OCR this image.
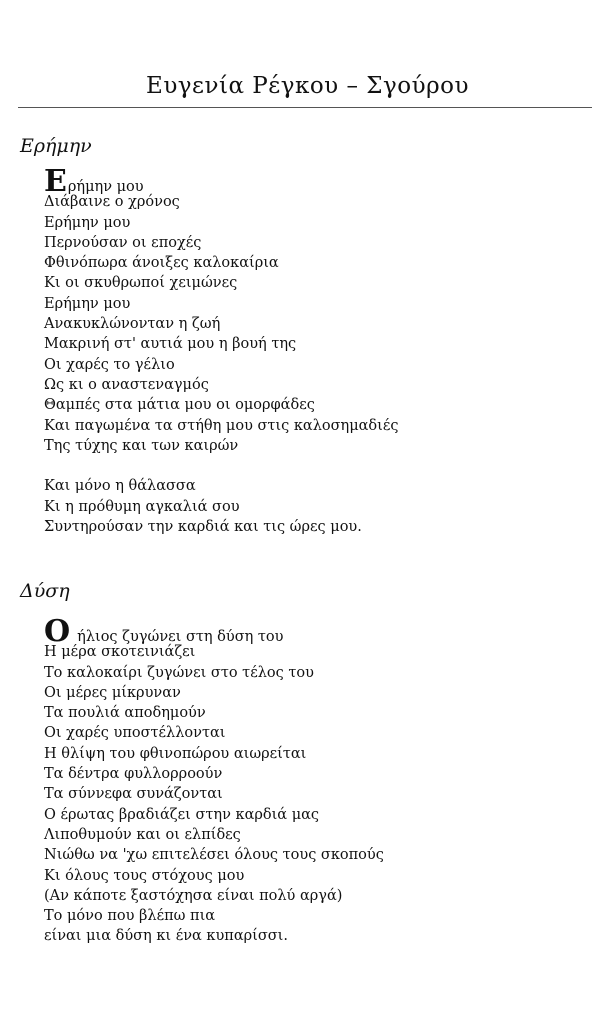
Ευγενία Ρέγκου – Σγούρου
Ερήμην
Ερήμην μου
Διάβαινε ο χρόνος
Ερήμην μου
Περνούσαν οι εποχές
Φθινόπωρα άνοιξες καλοκαίρια
Κι οι σκυθρωποί χειμώνες
Ερήμην μου
Ανακυκλώνονταν η ζωή
Μακρινή στ' αυτιά μου η βουή της
Οι χαρές το γέλιο
Ως κι ο αναστεναγμός
Θαμπές στα μάτια μου οι ομορφάδες
Και παγωμένα τα στήθη μου στις καλοσημαδιές
Της τύχης και των καιρών
Και μόνο η θάλασσα
Κι η πρόθυμη αγκαλιά σου
Συντηρούσαν την καρδιά και τις ώρες μου.
Δύση
Οήλιος ζυγώνει στη δύση του
Η μέρα σκοτεινιάζει
Το καλοκαίρι ζυγώνει στο τέλος του
Οι μέρες μίκρυναν
Τα πουλιά αποδημούν
Οι χαρές υποστέλλονται
Η θλίψη του φθινοπώρου αιωρείται
Τα δέντρα φυλλορροούν
Τα σύννεφα συνάζονται
Ο έρωτας βραδιάζει στην καρδιά μας
Λιποθυμούν και οι ελπίδες
Νιώθω να 'χω επιτελέσει όλους τους σκοπούς
Κι όλους τους στόχους μου
(Αν κάποτε ξαστόχησα είναι πολύ αργά)
Το μόνο που βλέπω πια
είναι μια δύση κι ένα κυπαρίσσι.
